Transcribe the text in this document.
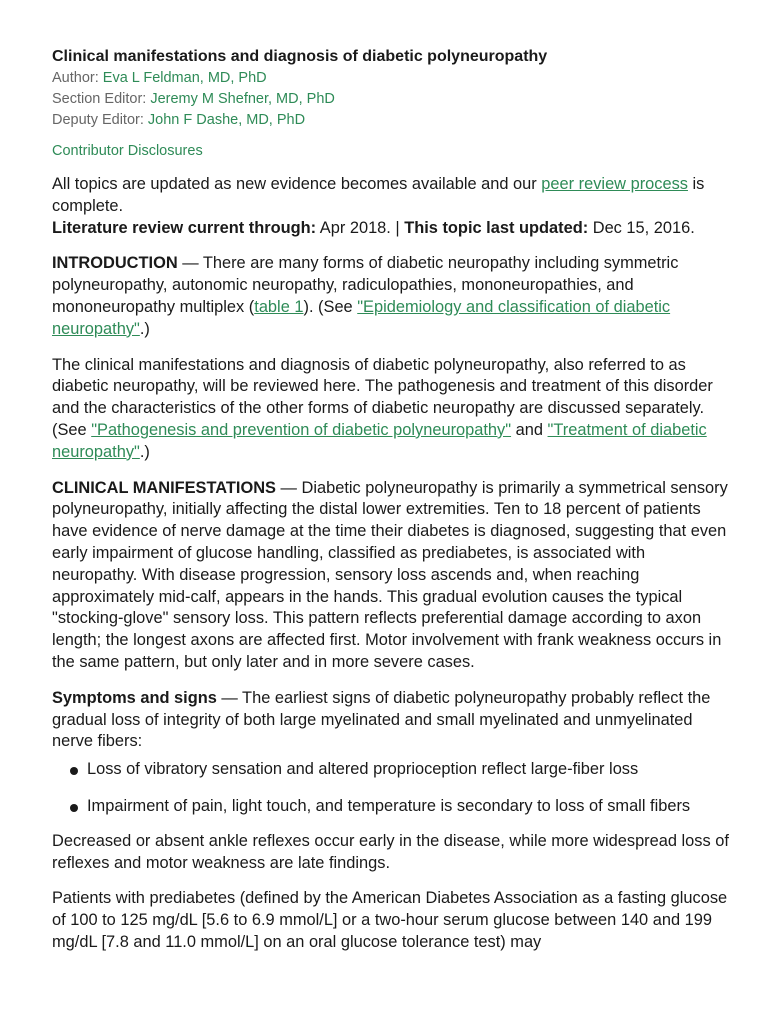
Clinical manifestations and diagnosis of diabetic polyneuropathy
Author: Eva L Feldman, MD, PhD
Section Editor: Jeremy M Shefner, MD, PhD
Deputy Editor: John F Dashe, MD, PhD
Contributor Disclosures

All topics are updated as new evidence becomes available and our peer review process is complete.
Literature review current through: Apr 2018. | This topic last updated: Dec 15, 2016.

INTRODUCTION — There are many forms of diabetic neuropathy including symmetric polyneuropathy, autonomic neuropathy, radiculopathies, mononeuropathies, and mononeuropathy multiplex (table 1). (See "Epidemiology and classification of diabetic neuropathy".)

The clinical manifestations and diagnosis of diabetic polyneuropathy, also referred to as diabetic neuropathy, will be reviewed here. The pathogenesis and treatment of this disorder and the characteristics of the other forms of diabetic neuropathy are discussed separately. (See "Pathogenesis and prevention of diabetic polyneuropathy" and "Treatment of diabetic neuropathy".)

CLINICAL MANIFESTATIONS — Diabetic polyneuropathy is primarily a symmetrical sensory polyneuropathy, initially affecting the distal lower extremities. Ten to 18 percent of patients have evidence of nerve damage at the time their diabetes is diagnosed, suggesting that even early impairment of glucose handling, classified as prediabetes, is associated with neuropathy. With disease progression, sensory loss ascends and, when reaching approximately mid-calf, appears in the hands. This gradual evolution causes the typical "stocking-glove" sensory loss. This pattern reflects preferential damage according to axon length; the longest axons are affected first. Motor involvement with frank weakness occurs in the same pattern, but only later and in more severe cases.

Symptoms and signs — The earliest signs of diabetic polyneuropathy probably reflect the gradual loss of integrity of both large myelinated and small myelinated and unmyelinated nerve fibers:

Loss of vibratory sensation and altered proprioception reflect large-fiber loss
Impairment of pain, light touch, and temperature is secondary to loss of small fibers

Decreased or absent ankle reflexes occur early in the disease, while more widespread loss of reflexes and motor weakness are late findings.

Patients with prediabetes (defined by the American Diabetes Association as a fasting glucose of 100 to 125 mg/dL [5.6 to 6.9 mmol/L] or a two-hour serum glucose between 140 and 199 mg/dL [7.8 and 11.0 mmol/L] on an oral glucose tolerance test) may
